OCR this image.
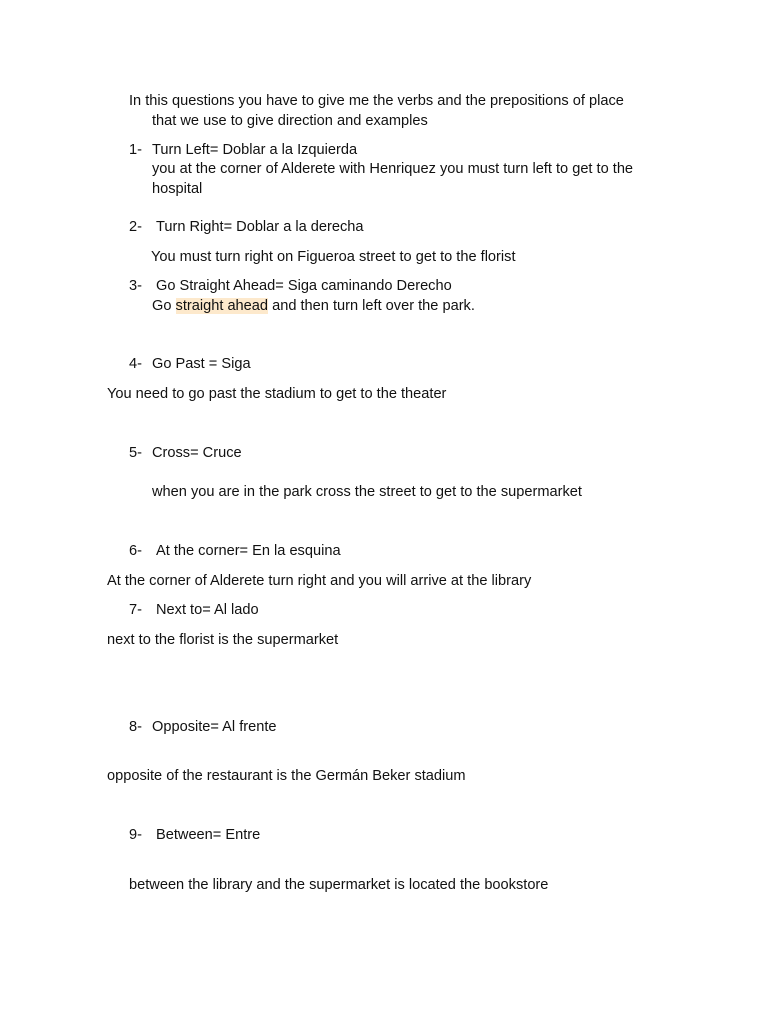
In this questions you have to give me the verbs and the prepositions of place
that we use to give direction and examples
1- Turn Left= Doblar a la Izquierda
you at the corner of Alderete with Henriquez you must turn left to get to the
hospital
2- Turn Right= Doblar a la derecha
You must turn right on Figueroa street to get to the florist
3- Go Straight Ahead= Siga caminando Derecho
Go straight ahead and then turn left over the park.
4- Go Past = Siga
You need to go past the stadium to get to the theater
5- Cross= Cruce
when you are in the park cross the street to get to the supermarket
6- At the corner= En la esquina
At the corner of Alderete turn right and you will arrive at the library
7- Next to= Al lado
next to the florist is the supermarket
8- Opposite= Al frente
opposite of the restaurant is the Germán Beker stadium
9- Between= Entre
between the library and the supermarket is located the bookstore
